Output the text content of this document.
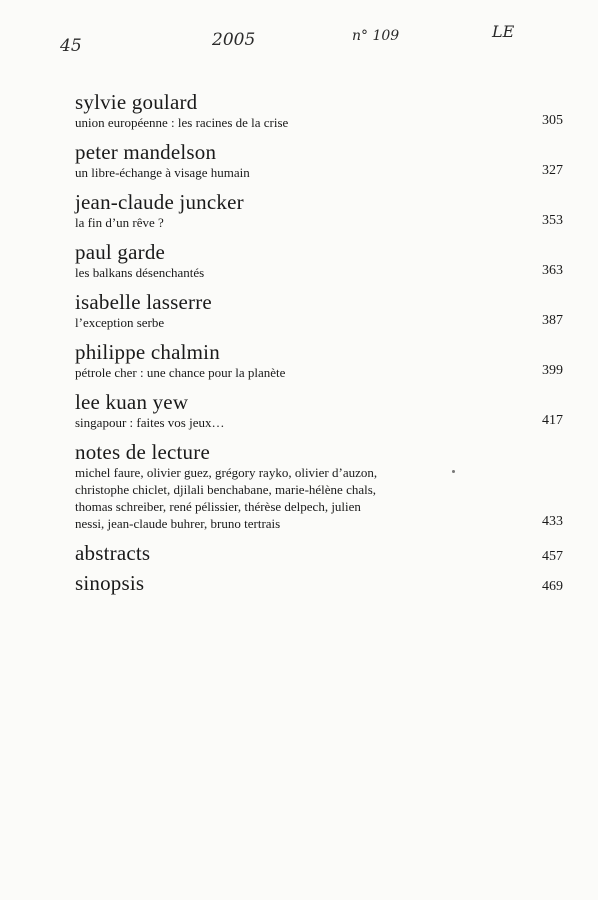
45	2005	n° 109	LE
sylvie goulard
union européenne : les racines de la crise	305
peter mandelson
un libre-échange à visage humain	327
jean-claude juncker
la fin d’un rêve ?	353
paul garde
les balkans désenchantés	363
isabelle lasserre
l’exception serbe	387
philippe chalmin
pétrole cher : une chance pour la planète	399
lee kuan yew
singapour : faites vos jeux…	417
notes de lecture
michel faure, olivier guez, grégory rayko, olivier d’auzon,
christophe chiclet, djilali benchabane, marie-hélène chals,
thomas schreiber, rené pélissier, thérèse delpech, julien
nessi, jean-claude buhrer, bruno tertrais	433
abstracts	457
sinopsis	469
